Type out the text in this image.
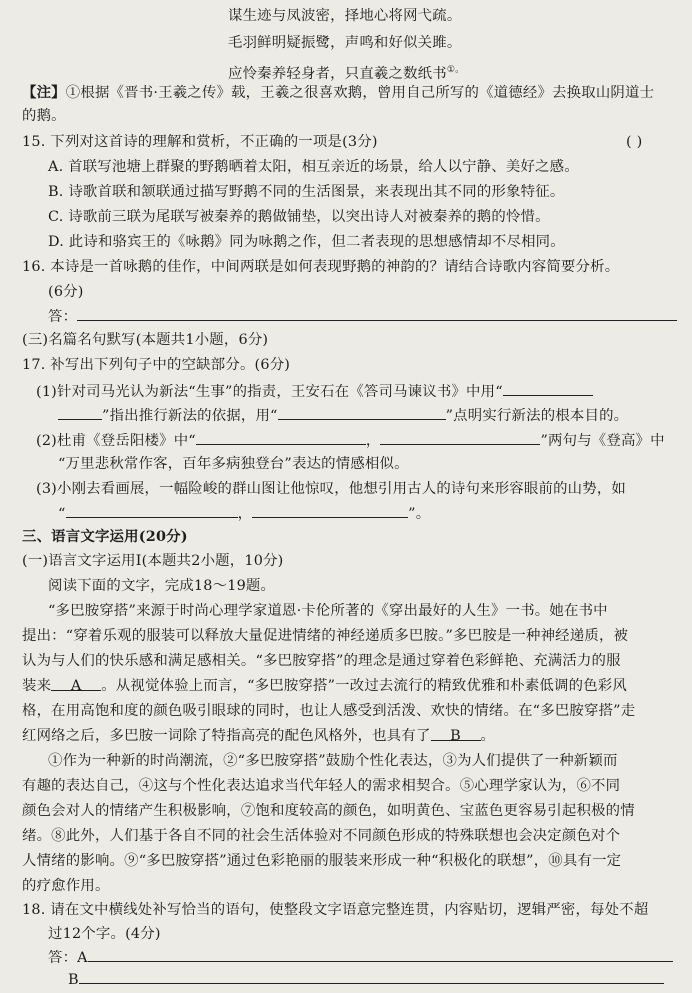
谋生迹与凤波密，择地心将网弋疏。
毛羽鲜明疑振鹭，声鸣和好似关雎。
应怜秦养轻身者，只直羲之数纸书①。
【注】①根据《晋书·王羲之传》载，王羲之很喜欢鹅，曾用自己所写的《道德经》去换取山阴道士
的鹅。
15. 下列对这首诗的理解和赏析，不正确的一项是(3分)	( )
A. 首联写池塘上群聚的野鹅晒着太阳，相互亲近的场景，给人以宁静、美好之感。
B. 诗歌首联和颔联通过描写野鹅不同的生活图景，来表现出其不同的形象特征。
C. 诗歌前三联为尾联写被秦养的鹅做铺垫，以突出诗人对被秦养的鹅的怜惜。
D. 此诗和骆宾王的《咏鹅》同为咏鹅之作，但二者表现的思想感情却不尽相同。
16. 本诗是一首咏鹅的佳作，中间两联是如何表现野鹅的神韵的？请结合诗歌内容简要分析。
(6分)
答：
(三)名篇名句默写(本题共1小题，6分)
17. 补写出下列句子中的空缺部分。(6分)
(1)针对司马光认为新法“生事”的指责，王安石在《答司马谏议书》中用“
”指出推行新法的依据，用“	”点明实行新法的根本目的。
(2)杜甫《登岳阳楼》中“	，	”两句与《登高》中
“万里悲秋常作客，百年多病独登台”表达的情感相似。
(3)小刚去看画展，一幅险峻的群山图让他惊叹，他想引用古人的诗句来形容眼前的山势，如
“	，	”。
三、语言文字运用(20分)
(一)语言文字运用Ⅰ(本题共2小题，10分)
阅读下面的文字，完成18～19题。
“多巴胺穿搭”来源于时尚心理学家道恩·卡伦所著的《穿出最好的人生》一书。她在书中
提出：“穿着乐观的服装可以释放大量促进情绪的神经递质多巴胺。”多巴胺是一种神经递质，被
认为与人们的快乐感和满足感相关。“多巴胺穿搭”的理念是通过穿着色彩鲜艳、充满活力的服
装来 A 。从视觉体验上而言，“多巴胺穿搭”一改过去流行的精致优雅和朴素低调的色彩风
格，在用高饱和度的颜色吸引眼球的同时，也让人感受到活泼、欢快的情绪。在“多巴胺穿搭”走
红网络之后，多巴胺一词除了特指高亮的配色风格外，也具有了 B 。
①作为一种新的时尚潮流，②“多巴胺穿搭”鼓励个性化表达，③为人们提供了一种新颖而
有趣的表达自己，④这与个性化表达追求当代年轻人的需求相契合。⑤心理学家认为，⑥不同
颜色会对人的情绪产生积极影响，⑦饱和度较高的颜色，如明黄色、宝蓝色更容易引起积极的情
绪。⑧此外，人们基于各自不同的社会生活体验对不同颜色形成的特殊联想也会决定颜色对个
人情绪的影响。⑨“多巴胺穿搭”通过色彩艳丽的服装来形成一种“积极化的联想”，⑩具有一定
的疗愈作用。
18. 请在文中横线处补写恰当的语句，使整段文字语意完整连贯，内容贴切，逻辑严密，每处不超
过12个字。(4分)
答：A
B
